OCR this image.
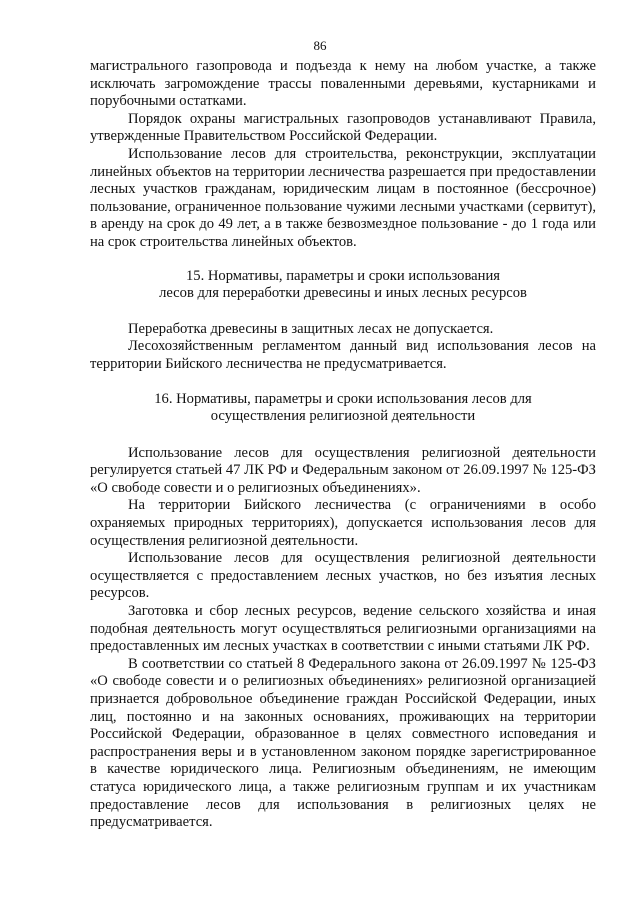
86

магистрального газопровода и подъезда к нему на любом участке, а также исключать загромождение трассы поваленными деревьями, кустарниками и порубочными остатками.

Порядок охраны магистральных газопроводов устанавливают Правила, утвержденные Правительством Российской Федерации.

Использование лесов для строительства, реконструкции, эксплуатации линейных объектов на территории лесничества разрешается при предоставлении лесных участков гражданам, юридическим лицам в постоянное (бессрочное) пользование, ограниченное пользование чужими лесными участками (сервитут), в аренду на срок до 49 лет, а в также безвозмездное пользование - до 1 года или на срок строительства линейных объектов.

15. Нормативы, параметры и сроки использования
лесов для переработки древесины и иных лесных ресурсов

Переработка древесины в защитных лесах не допускается.

Лесохозяйственным регламентом данный вид использования лесов на территории Бийского лесничества не предусматривается.

16. Нормативы, параметры и сроки использования лесов для
осуществления религиозной деятельности

Использование лесов для осуществления религиозной деятельности регулируется статьей 47 ЛК РФ и Федеральным законом от 26.09.1997 № 125-ФЗ «О свободе совести и о религиозных объединениях».

На территории Бийского лесничества (с ограничениями в особо охраняемых природных территориях), допускается использования лесов для осуществления религиозной деятельности.

Использование лесов для осуществления религиозной деятельности осуществляется с предоставлением лесных участков, но без изъятия лесных ресурсов.

Заготовка и сбор лесных ресурсов, ведение сельского хозяйства и иная подобная деятельность могут осуществляться религиозными организациями на предоставленных им лесных участках в соответствии с иными статьями ЛК РФ.

В соответствии со статьей 8 Федерального закона от 26.09.1997 № 125-ФЗ «О свободе совести и о религиозных объединениях» религиозной организацией признается добровольное объединение граждан Российской Федерации, иных лиц, постоянно и на законных основаниях, проживающих на территории Российской Федерации, образованное в целях совместного исповедания и распространения веры и в установленном законом порядке зарегистрированное в качестве юридического лица. Религиозным объединениям, не имеющим статуса юридического лица, а также религиозным группам и их участникам предоставление лесов для использования в религиозных целях не предусматривается.
